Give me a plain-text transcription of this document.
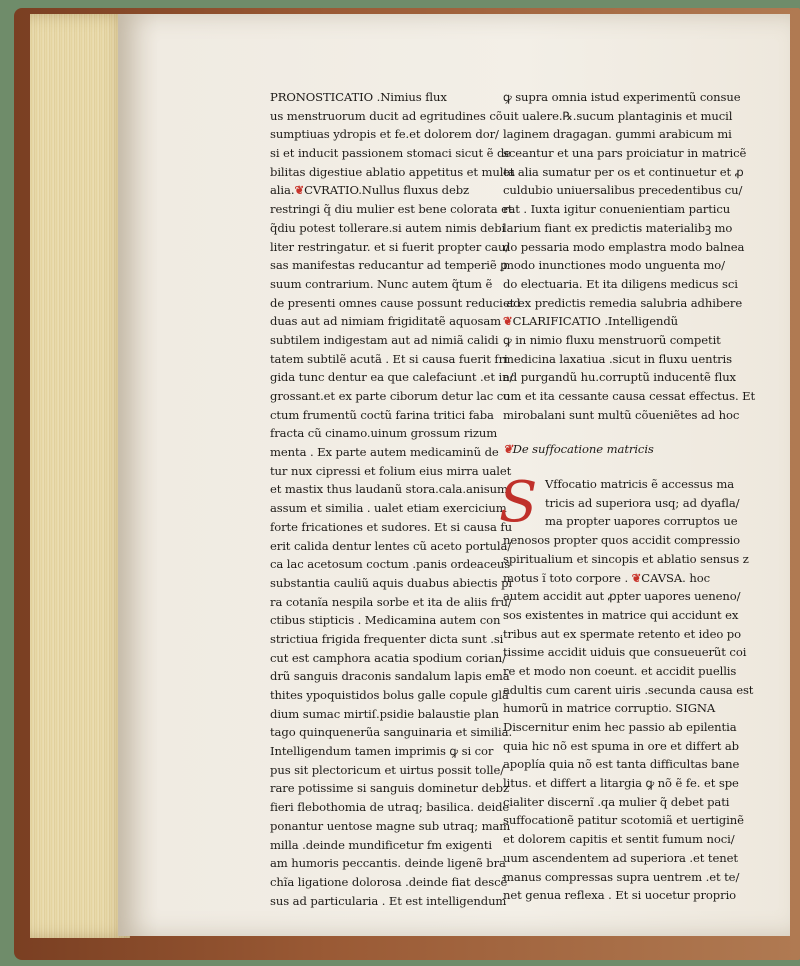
PRONOSTICATIO .Nimius flux
us menstruorum ducit ad egritudines cõ
sumptiuas ydropis et fe.et dolorem dor/
si et inducit passionem stomaci sicut ẽ de
bilitas digestiue ablatio appetitus et multa
alia.❦CVRATIO.Nullus fluxus debz
restringi q̃ diu mulier est bene colorata et
q̃diu potest tollerare.si autem nimis debi
liter restringatur. et si fuerit propter cau/
sas manifestas reducantur ad temperiẽ ꝑ
suum contrarium. Nunc autem q̃tum ẽ
de presenti omnes cause possunt reduci ad
duas aut ad nimiam frigiditatẽ aquosam
subtilem indigestam aut ad nimiã calidi
tatem subtilẽ acutã . Et si causa fuerit fri
gida tunc dentur ea que calefaciunt .et in/
grossant.et ex parte ciborum detur lac co
ctum frumentũ coctũ farina tritici faba
fracta cũ cinamo.uinum grossum rizum
menta . Ex parte autem medicaminũ de
tur nux cipressi et folium eius mirra ualet
et mastix thus laudanũ stora.cala.anisum
assum et similia . ualet etiam exercicium
forte fricationes et sudores. Et si causa fu
erit calida dentur lentes cũ aceto portula/
ca lac acetosum coctum .panis ordeaceus
substantia cauliũ aquis duabus abiectis pi
ra cotanĩa nespila sorbe et ita de aliis fru/
ctibus stipticis . Medicamina autem con
strictiua frigida frequenter dicta sunt .si
cut est camphora acatia spodium corian/
drũ sanguis draconis sandalum lapis ema
thites ypoquistidos bolus galle copule glã
dium sumac mirtiſ.psidie balaustie plan
tago quinquenerũa sanguinaria et similia.
Intelligendum tamen imprimis ꝙ si cor
pus sit plectoricum et uirtus possit tolle/
rare potissime si sanguis dominetur debz
fieri flebothomia de utraq; basilica. deide
ponantur uentose magne sub utraq; mam
milla .deinde mundificetur fm exigenti
am humoris peccantis. deinde ligenẽ bra
chĩa ligatione dolorosa .deinde fiat descẽ
sus ad particularia . Et est intelligendum
ꝙ supra omnia istud experimentũ consue
uit ualere.℞.sucum plantaginis et mucil
laginem dragagan. gummi arabicum mi
sceantur et una pars proiciatur in matricẽ
et alia sumatur per os et continuetur et ꝓ
culdubio uniuersalibus precedentibus cu/
rat . Iuxta igitur conuenientiam particu
larium fiant ex predictis materialibꝫ mo
do pessaria modo emplastra modo balnea
modo inunctiones modo unguenta mo/
do electuaria. Et ita diligens medicus sci
et ex predictis remedia salubria adhibere
❦CLARIFICATIO .Intelligendũ
ꝙ in nimio fluxu menstruorũ competit
medicina laxatiua .sicut in fluxu uentris
ad purgandũ hu.corruptũ inducentẽ flux
um et ita cessante causa cessat effectus. Et
mirobalani sunt multũ cõueniẽtes ad hoc
❦De suffocatione matricis
S Vffocatio matricis ẽ accessus ma
tricis ad superiora usq; ad dyafla/
ma propter uapores corruptos ue
nenosos propter quos accidit compressio
spiritualium et sincopis et ablatio sensus z
motus ĩ toto corpore . ❦CAVSA. hoc
autem accidit aut ꝓpter uapores ueneno/
sos existentes in matrice qui accidunt ex
tribus aut ex spermate retento et ideo po
tissime accidit uiduis que consueuerũt coi
re et modo non coeunt. et accidit puellis
adultis cum carent uiris .secunda causa est
humorũ in matrice corruptio. SIGNA
Discernitur enim hec passio ab epilentia
quia hic nõ est spuma in ore et differt ab
apoplía quia nõ est tanta difficultas bane
litus. et differt a litargia ꝙ nõ ẽ fe. et spe
cialiter discernĩ .qa mulier q̃ debet pati
suffocationẽ patitur scotomiã et uertiginẽ
et dolorem capitis et sentit fumum noci/
uum ascendentem ad superiora .et tenet
manus compressas supra uentrem .et te/
net genua reflexa . Et si uocetur proprio
